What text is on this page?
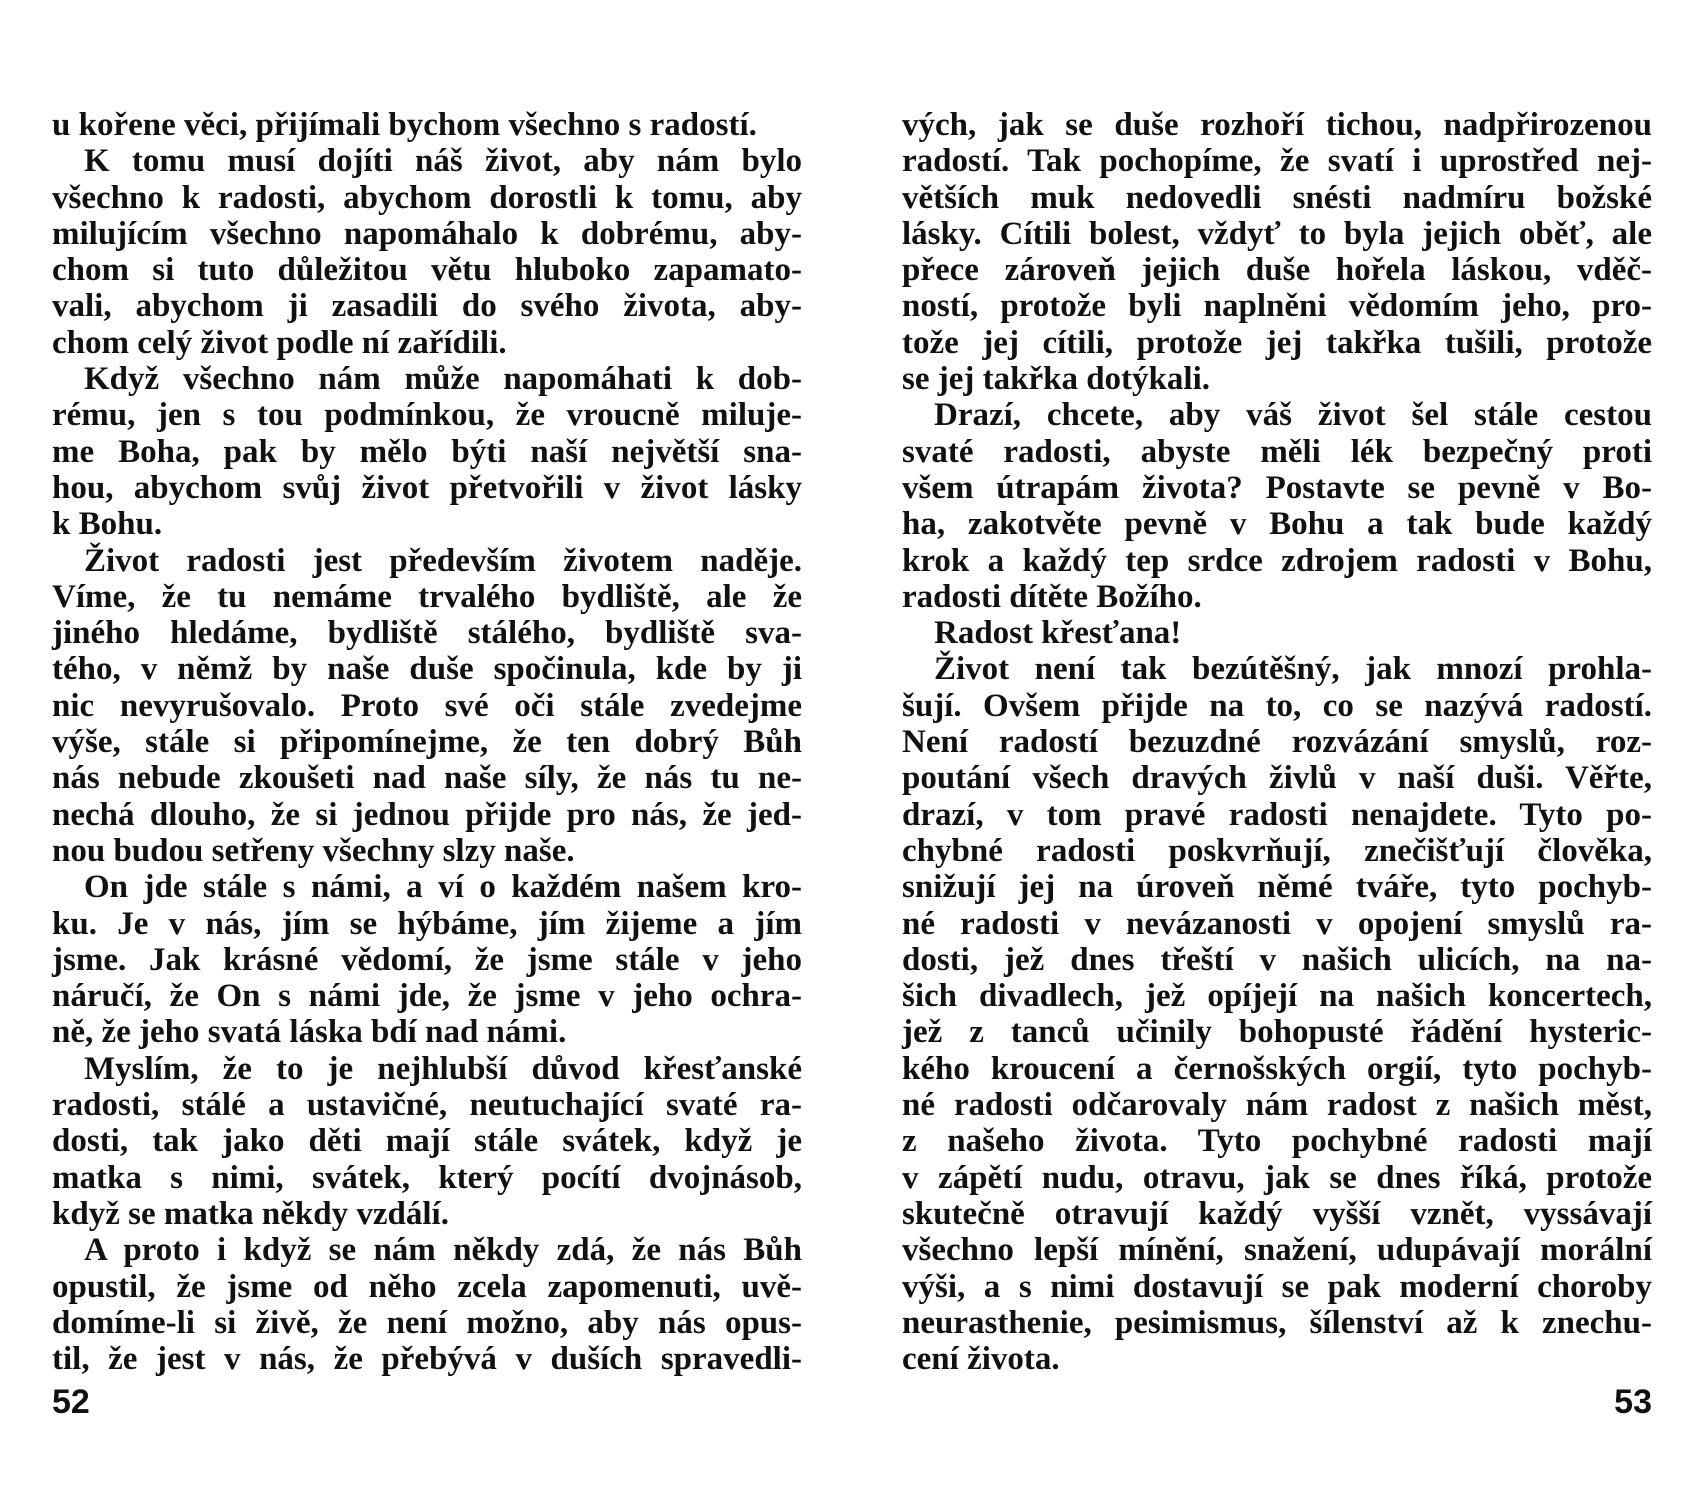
u kořene věci, přijímali bychom všechno s radostí.
K tomu musí dojíti náš život, aby nám bylo
všechno k radosti, abychom dorostli k tomu, aby
milujícím všechno napomáhalo k dobrému, aby-
chom si tuto důležitou větu hluboko zapamato-
vali, abychom ji zasadili do svého života, aby-
chom celý život podle ní zařídili.
Když všechno nám může napomáhati k dob-
rému, jen s tou podmínkou, že vroucně miluje-
me Boha, pak by mělo býti naší největší sna-
hou, abychom svůj život přetvořili v život lásky
k Bohu.
Život radosti jest především životem naděje.
Víme, že tu nemáme trvalého bydliště, ale že
jiného hledáme, bydliště stálého, bydliště sva-
tého, v němž by naše duše spočinula, kde by ji
nic nevyrušovalo. Proto své oči stále zvedejme
výše, stále si připomínejme, že ten dobrý Bůh
nás nebude zkoušeti nad naše síly, že nás tu ne-
nechá dlouho, že si jednou přijde pro nás, že jed-
nou budou setřeny všechny slzy naše.
On jde stále s námi, a ví o každém našem kro-
ku. Je v nás, jím se hýbáme, jím žijeme a jím
jsme. Jak krásné vědomí, že jsme stále v jeho
náručí, že On s námi jde, že jsme v jeho ochra-
ně, že jeho svatá láska bdí nad námi.
Myslím, že to je nejhlubší důvod křesťanské
radosti, stálé a ustavičné, neutuchající svaté ra-
dosti, tak jako děti mají stále svátek, když je
matka s nimi, svátek, který pocítí dvojnásob,
když se matka někdy vzdálí.
A proto i když se nám někdy zdá, že nás Bůh
opustil, že jsme od něho zcela zapomenuti, uvě-
domíme-li si živě, že není možno, aby nás opus-
til, že jest v nás, že přebývá v duších spravedli-
52
vých, jak se duše rozhoří tichou, nadpřirozenou
radostí. Tak pochopíme, že svatí i uprostřed nej-
větších muk nedovedli snésti nadmíru božské
lásky. Cítili bolest, vždyť to byla jejich oběť, ale
přece zároveň jejich duše hořela láskou, vděč-
ností, protože byli naplněni vědomím jeho, pro-
tože jej cítili, protože jej takřka tušili, protože
se jej takřka dotýkali.
Drazí, chcete, aby váš život šel stále cestou
svaté radosti, abyste měli lék bezpečný proti
všem útrapám života? Postavte se pevně v Bo-
ha, zakotvěte pevně v Bohu a tak bude každý
krok a každý tep srdce zdrojem radosti v Bohu,
radosti dítěte Božího.
Radost křesťana!
Život není tak bezútěšný, jak mnozí prohla-
šují. Ovšem přijde na to, co se nazývá radostí.
Není radostí bezuzdné rozvázání smyslů, roz-
poutání všech dravých živlů v naší duši. Věřte,
drazí, v tom pravé radosti nenajdete. Tyto po-
chybné radosti poskvrňují, znečišťují člověka,
snižují jej na úroveň němé tváře, tyto pochyb-
né radosti v nevázanosti v opojení smyslů ra-
dosti, jež dnes třeští v našich ulicích, na na-
šich divadlech, jež opíjejí na našich koncertech,
jež z tanců učinily bohopusté řádění hysteric-
kého kroucení a černošských orgií, tyto pochyb-
né radosti odčarovaly nám radost z našich měst,
z našeho života. Tyto pochybné radosti mají
v zápětí nudu, otravu, jak se dnes říká, protože
skutečně otravují každý vyšší vznět, vyssávají
všechno lepší mínění, snažení, udupávají morální
výši, a s nimi dostavují se pak moderní choroby
neurasthenie, pesimismus, šílenství až k znechu-
cení života.
53
